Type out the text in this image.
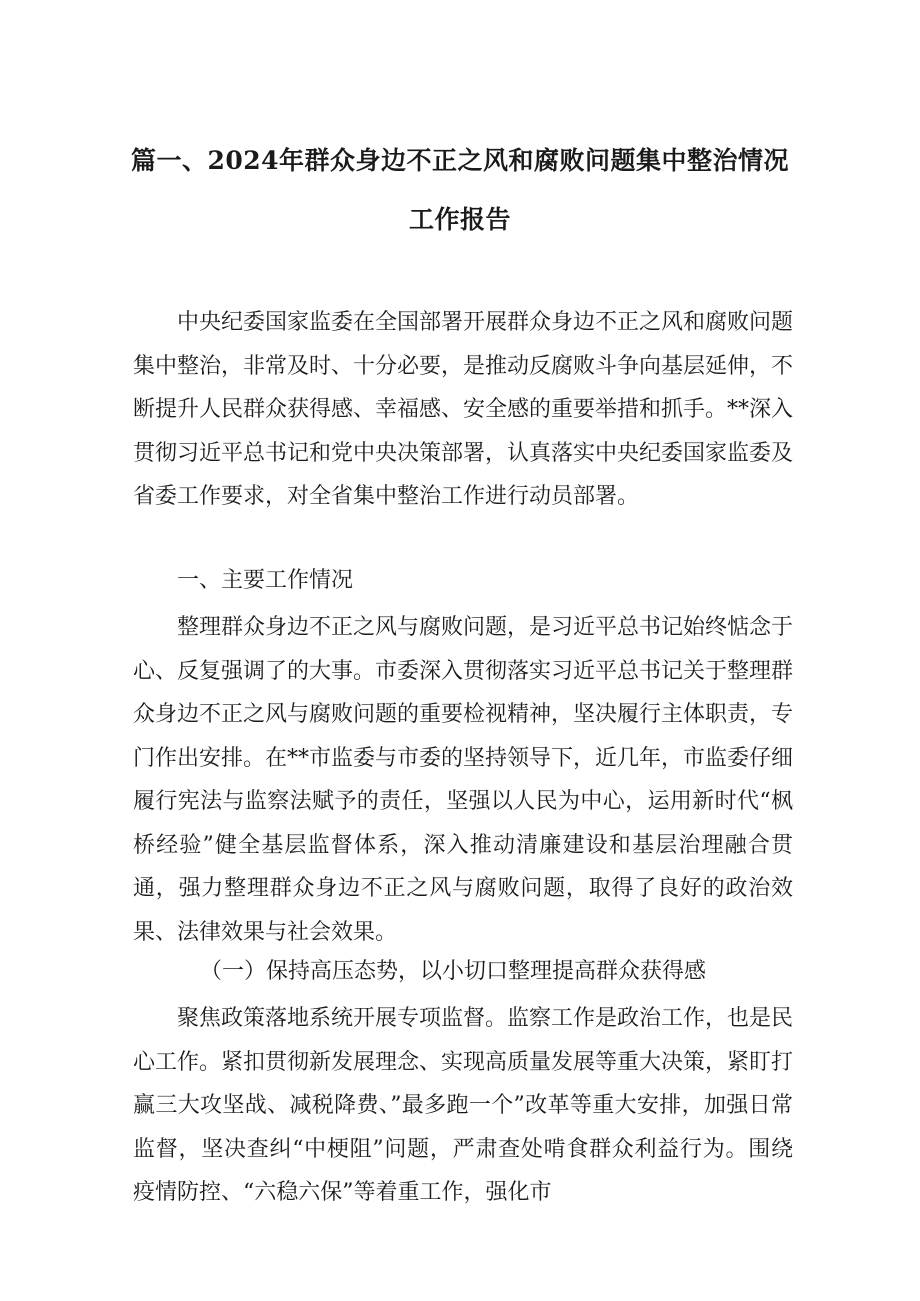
篇一、2024年群众身边不正之风和腐败问题集中整治情况
工作报告

中央纪委国家监委在全国部署开展群众身边不正之风和腐败问题集中整治，非常及时、十分必要，是推动反腐败斗争向基层延伸，不断提升人民群众获得感、幸福感、安全感的重要举措和抓手。**深入贯彻习近平总书记和党中央决策部署，认真落实中央纪委国家监委及省委工作要求，对全省集中整治工作进行动员部署。

一、主要工作情况

整理群众身边不正之风与腐败问题，是习近平总书记始终惦念于心、反复强调了的大事。市委深入贯彻落实习近平总书记关于整理群众身边不正之风与腐败问题的重要检视精神，坚决履行主体职责，专门作出安排。在**市监委与市委的坚持领导下，近几年，市监委仔细履行宪法与监察法赋予的责任，坚强以人民为中心，运用新时代“枫桥经验”健全基层监督体系，深入推动清廉建设和基层治理融合贯通，强力整理群众身边不正之风与腐败问题，取得了良好的政治效果、法律效果与社会效果。

（一）保持高压态势，以小切口整理提高群众获得感

聚焦政策落地系统开展专项监督。监察工作是政治工作，也是民心工作。紧扣贯彻新发展理念、实现高质量发展等重大决策，紧盯打赢三大攻坚战、减税降费、”最多跑一个”改革等重大安排，加强日常监督，坚决查纠“中梗阻”问题，严肃查处啃食群众利益行为。围绕疫情防控、“六稳六保”等着重工作，强化市
